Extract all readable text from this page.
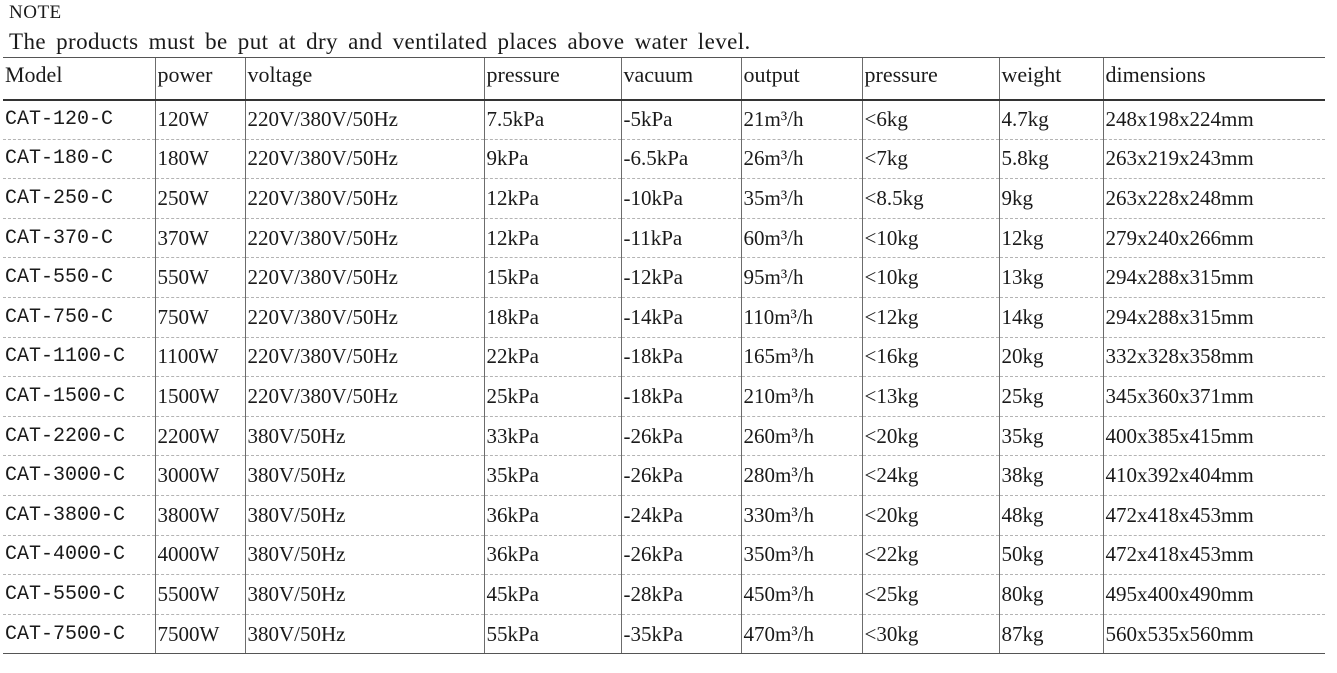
NOTE
The products must be put at dry and ventilated places above water level.
Model	power	voltage	pressure	vacuum	output	pressure	weight	dimensions
CAT-120-C	120W	220V/380V/50Hz	7.5kPa	-5kPa	21m³/h	<6kg	4.7kg	248x198x224mm
CAT-180-C	180W	220V/380V/50Hz	9kPa	-6.5kPa	26m³/h	<7kg	5.8kg	263x219x243mm
CAT-250-C	250W	220V/380V/50Hz	12kPa	-10kPa	35m³/h	<8.5kg	9kg	263x228x248mm
CAT-370-C	370W	220V/380V/50Hz	12kPa	-11kPa	60m³/h	<10kg	12kg	279x240x266mm
CAT-550-C	550W	220V/380V/50Hz	15kPa	-12kPa	95m³/h	<10kg	13kg	294x288x315mm
CAT-750-C	750W	220V/380V/50Hz	18kPa	-14kPa	110m³/h	<12kg	14kg	294x288x315mm
CAT-1100-C	1100W	220V/380V/50Hz	22kPa	-18kPa	165m³/h	<16kg	20kg	332x328x358mm
CAT-1500-C	1500W	220V/380V/50Hz	25kPa	-18kPa	210m³/h	<13kg	25kg	345x360x371mm
CAT-2200-C	2200W	380V/50Hz	33kPa	-26kPa	260m³/h	<20kg	35kg	400x385x415mm
CAT-3000-C	3000W	380V/50Hz	35kPa	-26kPa	280m³/h	<24kg	38kg	410x392x404mm
CAT-3800-C	3800W	380V/50Hz	36kPa	-24kPa	330m³/h	<20kg	48kg	472x418x453mm
CAT-4000-C	4000W	380V/50Hz	36kPa	-26kPa	350m³/h	<22kg	50kg	472x418x453mm
CAT-5500-C	5500W	380V/50Hz	45kPa	-28kPa	450m³/h	<25kg	80kg	495x400x490mm
CAT-7500-C	7500W	380V/50Hz	55kPa	-35kPa	470m³/h	<30kg	87kg	560x535x560mm
